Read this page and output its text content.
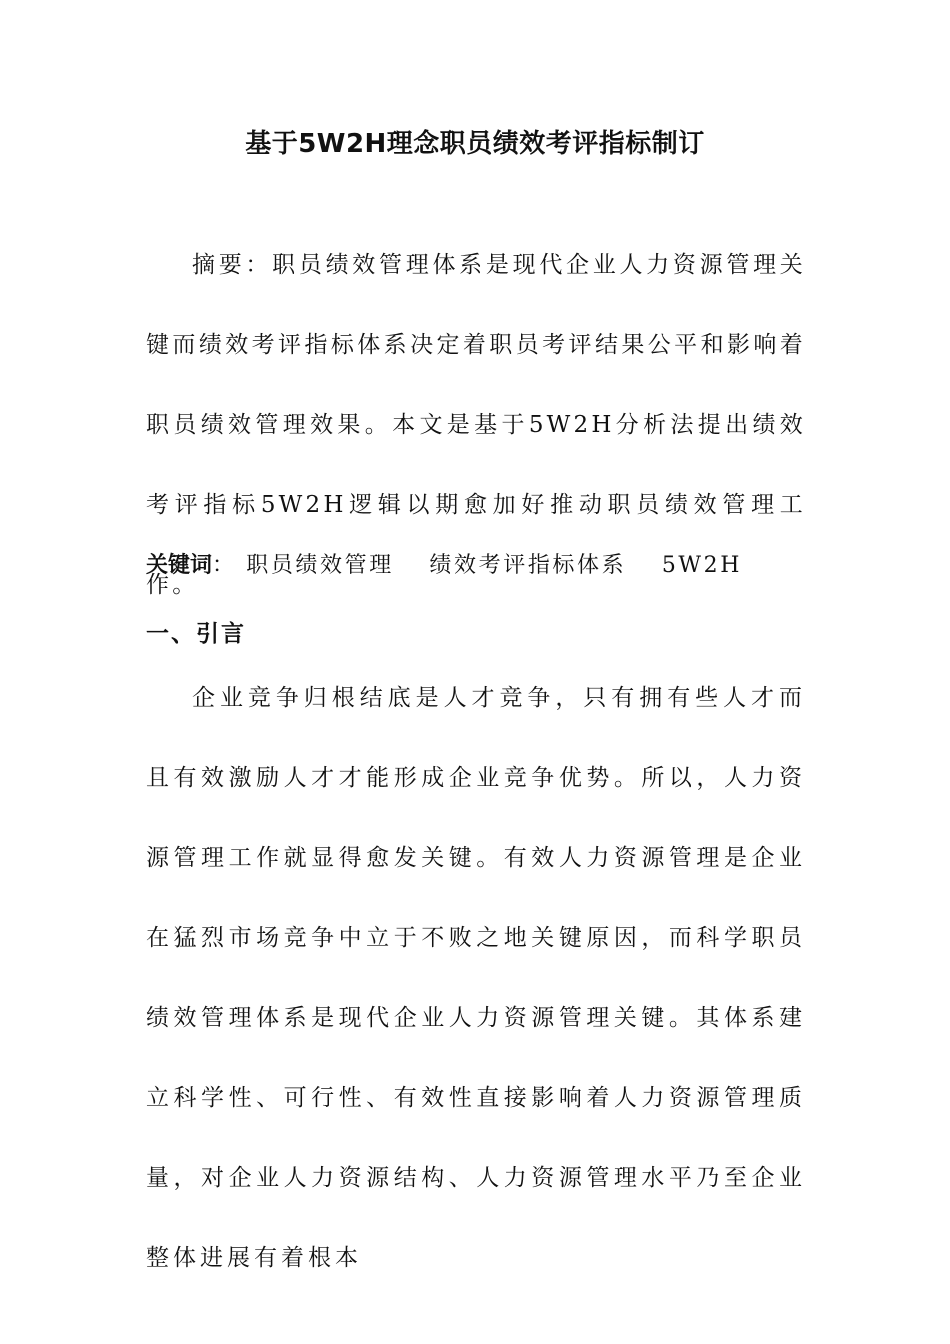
基于5W2H理念职员绩效考评指标制订

摘要：职员绩效管理体系是现代企业人力资源管理关键而绩效考评指标体系决定着职员考评结果公平和影响着职员绩效管理效果。本文是基于5W2H分析法提出绩效考评指标5W2H逻辑以期愈加好推动职员绩效管理工作。

关键词： 职员绩效管理 绩效考评指标体系 5W2H
一、引言

企业竞争归根结底是人才竞争，只有拥有些人才而且有效激励人才才能形成企业竞争优势。所以，人力资源管理工作就显得愈发关键。有效人力资源管理是企业在猛烈市场竞争中立于不败之地关键原因，而科学职员绩效管理体系是现代企业人力资源管理关键。其体系建立科学性、可行性、有效性直接影响着人力资源管理质量，对企业人力资源结构、人力资源管理水平乃至企业整体进展有着根本
